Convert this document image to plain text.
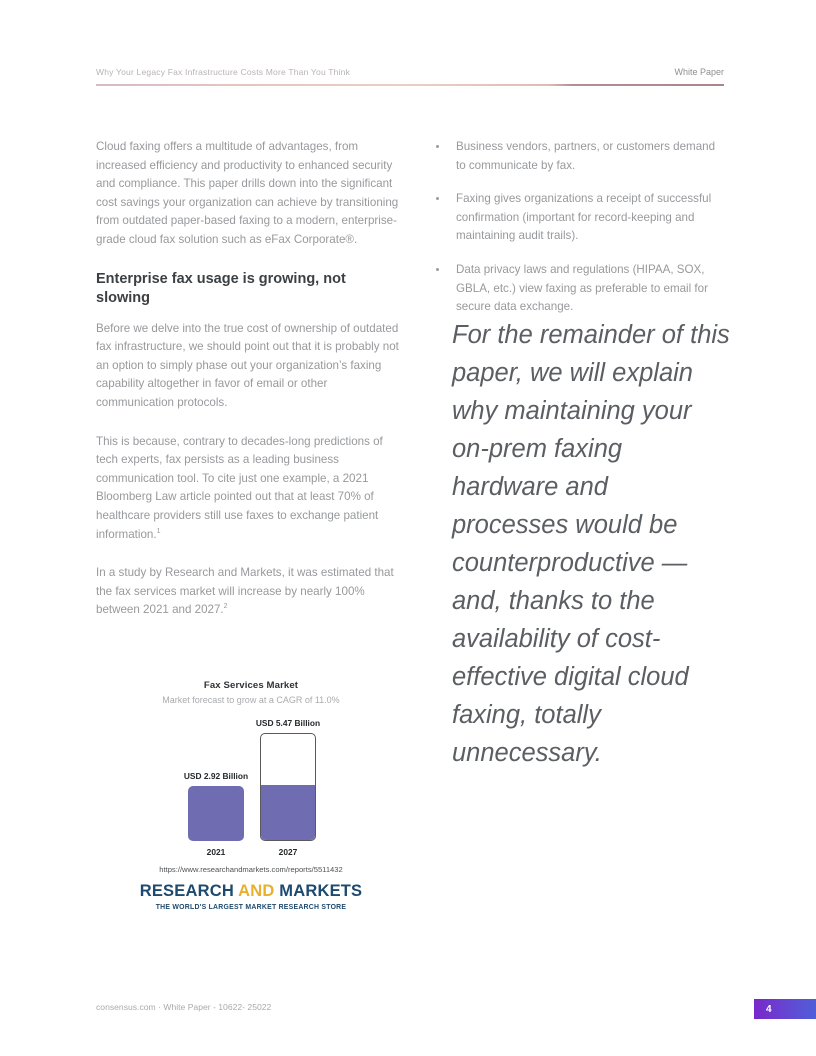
Why Your Legacy Fax Infrastructure Costs More Than You Think	White Paper

Cloud faxing offers a multitude of advantages, from increased efficiency and productivity to enhanced security and compliance. This paper drills down into the significant cost savings your organization can achieve by transitioning from outdated paper-based faxing to a modern, enterprise-grade cloud fax solution such as eFax Corporate®.

Enterprise fax usage is growing, not slowing

Before we delve into the true cost of ownership of outdated fax infrastructure, we should point out that it is probably not an option to simply phase out your organization’s faxing capability altogether in favor of email or other communication protocols.

This is because, contrary to decades-long predictions of tech experts, fax persists as a leading business communication tool. To cite just one example, a 2021 Bloomberg Law article pointed out that at least 70% of healthcare providers still use faxes to exchange patient information.$^1$

In a study by Research and Markets, it was estimated that the fax services market will increase by nearly 100% between 2021 and 2027.$^2$

Business vendors, partners, or customers demand to communicate by fax.
Faxing gives organizations a receipt of successful confirmation (important for record-keeping and maintaining audit trails).
Data privacy laws and regulations (HIPAA, SOX, GBLA, etc.) view faxing as preferable to email for secure data exchange.
For the remainder of this paper, we will explain why maintaining your on-prem faxing hardware and processes would be counterproductive — and, thanks to the availability of cost-effective digital cloud faxing, totally unnecessary.
Fax Services Market
Market forecast to grow at a CAGR of 11.0%
USD 2.92 Billion
2021
USD 5.47 Billion
2027
https://www.researchandmarkets.com/reports/5511432
RESEARCH AND MARKETS
THE WORLD'S LARGEST MARKET RESEARCH STORE
consensus.com · White Paper - 10622- 25022	4
